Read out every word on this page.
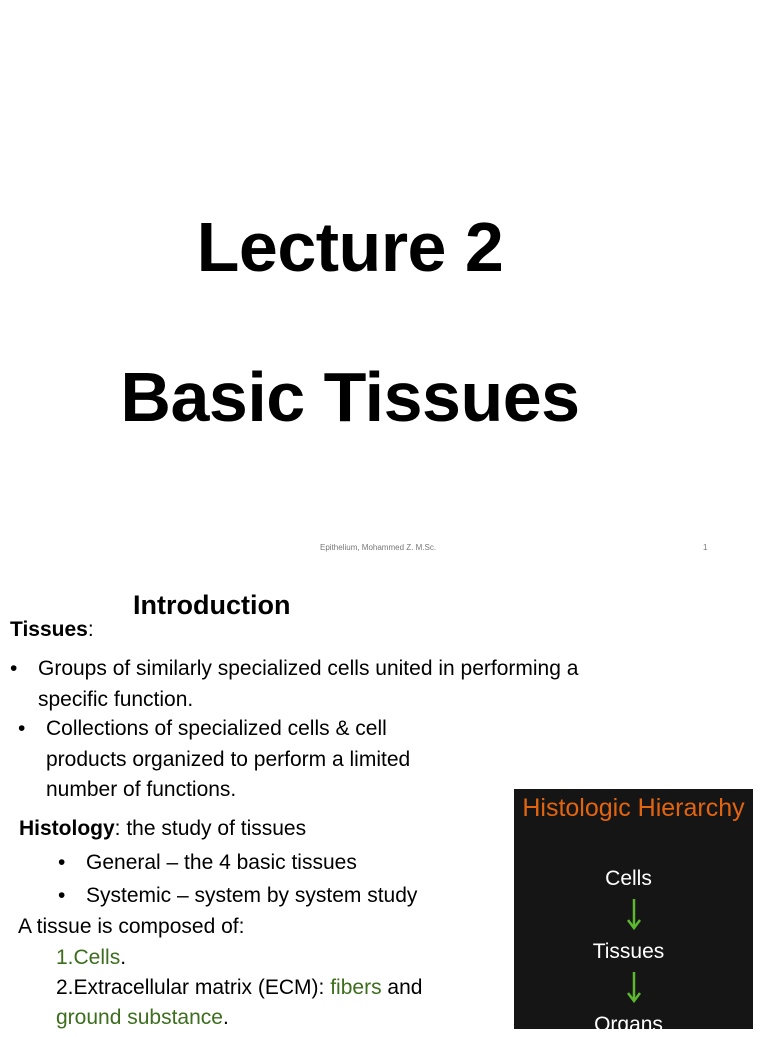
Lecture 2
Basic Tissues
Epithelium, Mohammed Z. M.Sc.	1
Introduction
Tissues:
• Groups of similarly specialized cells united in performing a
specific function.
• Collections of specialized cells & cell
products organized to perform a limited
number of functions.
Histology: the study of tissues
• General – the 4 basic tissues
• Systemic – system by system study
A tissue is composed of:
1.Cells.
2.Extracellular matrix (ECM): fibers and
ground substance.
Histologic Hierarchy
Cells
Tissues
Organs
